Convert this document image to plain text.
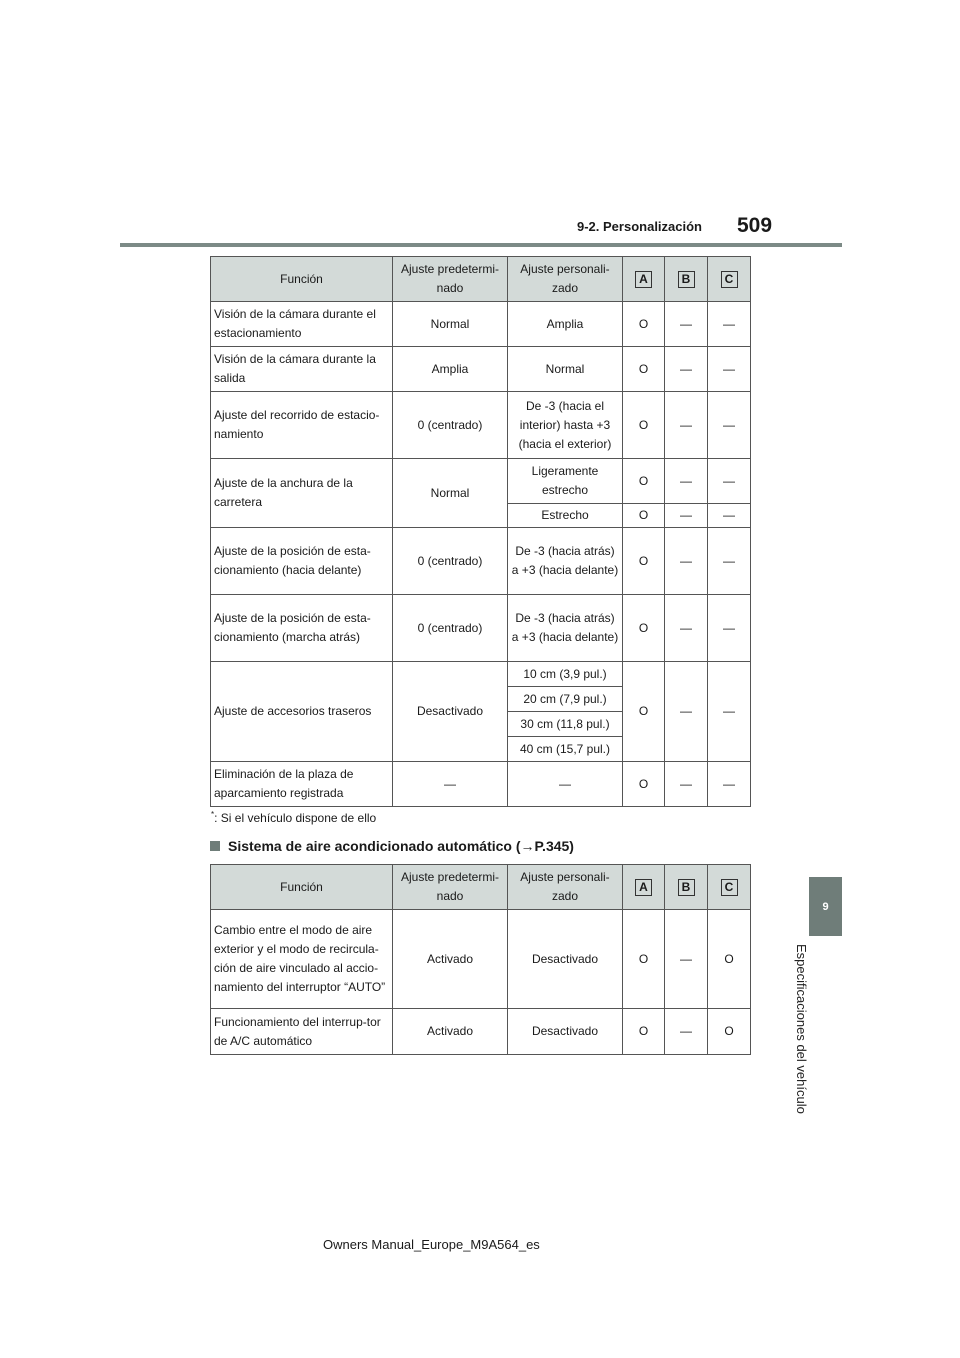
9-2. Personalización 509
9
Especificaciones del vehículo
Función	Ajuste predetermi-nado	Ajuste personali-zado	A	B	C
Visión de la cámara durante el estacionamiento	Normal	Amplia	O	—	—
Visión de la cámara durante la salida	Amplia	Normal	O	—	—
Ajuste del recorrido de estacio-namiento	0 (centrado)	De -3 (hacia el interior) hasta +3 (hacia el exterior)	O	—	—
Ajuste de la anchura de la carretera	Normal	Ligeramente estrecho	O	—	—
		Estrecho	O	—	—
Ajuste de la posición de esta-cionamiento (hacia delante)	0 (centrado)	De -3 (hacia atrás) a +3 (hacia delante)	O	—	—
Ajuste de la posición de esta-cionamiento (marcha atrás)	0 (centrado)	De -3 (hacia atrás) a +3 (hacia delante)	O	—	—
Ajuste de accesorios traseros	Desactivado	10 cm (3,9 pul.)	O	—	—
		20 cm (7,9 pul.)			
		30 cm (11,8 pul.)			
		40 cm (15,7 pul.)			
Eliminación de la plaza de aparcamiento registrada	—	—	O	—	—
*: Si el vehículo dispone de ello
Sistema de aire acondicionado automático (→P.345)
Función	Ajuste predetermi-nado	Ajuste personali-zado	A	B	C
Cambio entre el modo de aire exterior y el modo de recircula-ción de aire vinculado al accio-namiento del interruptor “AUTO”	Activado	Desactivado	O	—	O
Funcionamiento del interrup-tor de A/C automático	Activado	Desactivado	O	—	O
Owners Manual_Europe_M9A564_es
